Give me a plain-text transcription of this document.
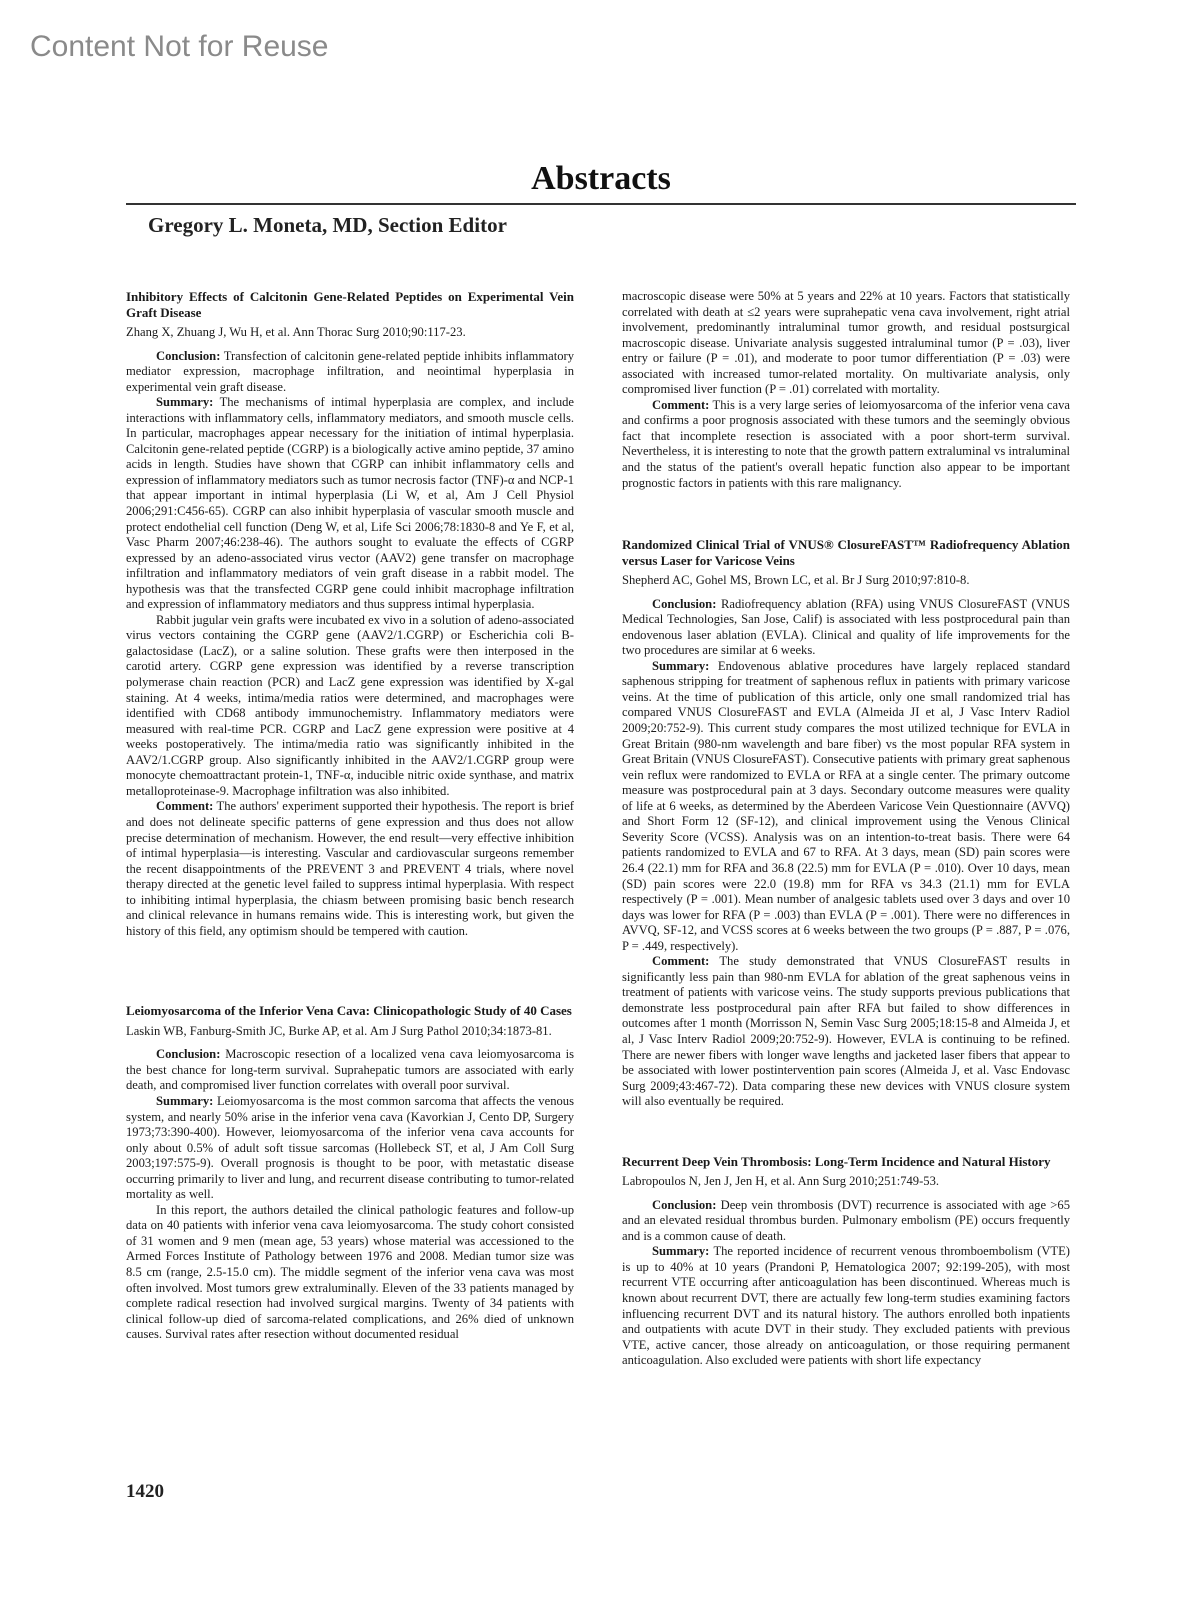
Content Not for Reuse
Abstracts
Gregory L. Moneta, MD, Section Editor

Inhibitory Effects of Calcitonin Gene-Related Peptides on Experimental Vein Graft Disease

Zhang X, Zhuang J, Wu H, et al. Ann Thorac Surg 2010;90:117-23.

Conclusion: Transfection of calcitonin gene-related peptide inhibits inflammatory mediator expression, macrophage infiltration, and neointimal hyperplasia in experimental vein graft disease.

Summary: The mechanisms of intimal hyperplasia are complex, and include interactions with inflammatory cells, inflammatory mediators, and smooth muscle cells. In particular, macrophages appear necessary for the initiation of intimal hyperplasia. Calcitonin gene-related peptide (CGRP) is a biologically active amino peptide, 37 amino acids in length. Studies have shown that CGRP can inhibit inflammatory cells and expression of inflammatory mediators such as tumor necrosis factor (TNF)-α and NCP-1 that appear important in intimal hyperplasia (Li W, et al, Am J Cell Physiol 2006;291:C456-65). CGRP can also inhibit hyperplasia of vascular smooth muscle and protect endothelial cell function (Deng W, et al, Life Sci 2006;78:1830-8 and Ye F, et al, Vasc Pharm 2007;46:238-46). The authors sought to evaluate the effects of CGRP expressed by an adeno-associated virus vector (AAV2) gene transfer on macrophage infiltration and inflammatory mediators of vein graft disease in a rabbit model. The hypothesis was that the transfected CGRP gene could inhibit macrophage infiltration and expression of inflammatory mediators and thus suppress intimal hyperplasia.

Rabbit jugular vein grafts were incubated ex vivo in a solution of adeno-associated virus vectors containing the CGRP gene (AAV2/1.CGRP) or Escherichia coli B-galactosidase (LacZ), or a saline solution. These grafts were then interposed in the carotid artery. CGRP gene expression was identified by a reverse transcription polymerase chain reaction (PCR) and LacZ gene expression was identified by X-gal staining. At 4 weeks, intima/media ratios were determined, and macrophages were identified with CD68 antibody immunochemistry. Inflammatory mediators were measured with real-time PCR. CGRP and LacZ gene expression were positive at 4 weeks postoperatively. The intima/media ratio was significantly inhibited in the AAV2/1.CGRP group. Also significantly inhibited in the AAV2/1.CGRP group were monocyte chemoattractant protein-1, TNF-α, inducible nitric oxide synthase, and matrix metalloproteinase-9. Macrophage infiltration was also inhibited.

Comment: The authors' experiment supported their hypothesis. The report is brief and does not delineate specific patterns of gene expression and thus does not allow precise determination of mechanism. However, the end result—very effective inhibition of intimal hyperplasia—is interesting. Vascular and cardiovascular surgeons remember the recent disappointments of the PREVENT 3 and PREVENT 4 trials, where novel therapy directed at the genetic level failed to suppress intimal hyperplasia. With respect to inhibiting intimal hyperplasia, the chiasm between promising basic bench research and clinical relevance in humans remains wide. This is interesting work, but given the history of this field, any optimism should be tempered with caution.

Leiomyosarcoma of the Inferior Vena Cava: Clinicopathologic Study of 40 Cases

Laskin WB, Fanburg-Smith JC, Burke AP, et al. Am J Surg Pathol 2010;34:1873-81.

Conclusion: Macroscopic resection of a localized vena cava leiomyosarcoma is the best chance for long-term survival. Suprahepatic tumors are associated with early death, and compromised liver function correlates with overall poor survival.

Summary: Leiomyosarcoma is the most common sarcoma that affects the venous system, and nearly 50% arise in the inferior vena cava (Kavorkian J, Cento DP, Surgery 1973;73:390-400). However, leiomyosarcoma of the inferior vena cava accounts for only about 0.5% of adult soft tissue sarcomas (Hollebeck ST, et al, J Am Coll Surg 2003;197:575-9). Overall prognosis is thought to be poor, with metastatic disease occurring primarily to liver and lung, and recurrent disease contributing to tumor-related mortality as well.

In this report, the authors detailed the clinical pathologic features and follow-up data on 40 patients with inferior vena cava leiomyosarcoma. The study cohort consisted of 31 women and 9 men (mean age, 53 years) whose material was accessioned to the Armed Forces Institute of Pathology between 1976 and 2008. Median tumor size was 8.5 cm (range, 2.5-15.0 cm). The middle segment of the inferior vena cava was most often involved. Most tumors grew extraluminally. Eleven of the 33 patients managed by complete radical resection had involved surgical margins. Twenty of 34 patients with clinical follow-up died of sarcoma-related complications, and 26% died of unknown causes. Survival rates after resection without documented residual

macroscopic disease were 50% at 5 years and 22% at 10 years. Factors that statistically correlated with death at ≤2 years were suprahepatic vena cava involvement, right atrial involvement, predominantly intraluminal tumor growth, and residual postsurgical macroscopic disease. Univariate analysis suggested intraluminal tumor (P = .03), liver entry or failure (P = .01), and moderate to poor tumor differentiation (P = .03) were associated with increased tumor-related mortality. On multivariate analysis, only compromised liver function (P = .01) correlated with mortality.

Comment: This is a very large series of leiomyosarcoma of the inferior vena cava and confirms a poor prognosis associated with these tumors and the seemingly obvious fact that incomplete resection is associated with a poor short-term survival. Nevertheless, it is interesting to note that the growth pattern extraluminal vs intraluminal and the status of the patient's overall hepatic function also appear to be important prognostic factors in patients with this rare malignancy.

Randomized Clinical Trial of VNUS® ClosureFAST™ Radiofrequency Ablation versus Laser for Varicose Veins

Shepherd AC, Gohel MS, Brown LC, et al. Br J Surg 2010;97:810-8.

Conclusion: Radiofrequency ablation (RFA) using VNUS ClosureFAST (VNUS Medical Technologies, San Jose, Calif) is associated with less postprocedural pain than endovenous laser ablation (EVLA). Clinical and quality of life improvements for the two procedures are similar at 6 weeks.

Summary: Endovenous ablative procedures have largely replaced standard saphenous stripping for treatment of saphenous reflux in patients with primary varicose veins. At the time of publication of this article, only one small randomized trial has compared VNUS ClosureFAST and EVLA (Almeida JI et al, J Vasc Interv Radiol 2009;20:752-9). This current study compares the most utilized technique for EVLA in Great Britain (980-nm wavelength and bare fiber) vs the most popular RFA system in Great Britain (VNUS ClosureFAST). Consecutive patients with primary great saphenous vein reflux were randomized to EVLA or RFA at a single center. The primary outcome measure was postprocedural pain at 3 days. Secondary outcome measures were quality of life at 6 weeks, as determined by the Aberdeen Varicose Vein Questionnaire (AVVQ) and Short Form 12 (SF-12), and clinical improvement using the Venous Clinical Severity Score (VCSS). Analysis was on an intention-to-treat basis. There were 64 patients randomized to EVLA and 67 to RFA. At 3 days, mean (SD) pain scores were 26.4 (22.1) mm for RFA and 36.8 (22.5) mm for EVLA (P = .010). Over 10 days, mean (SD) pain scores were 22.0 (19.8) mm for RFA vs 34.3 (21.1) mm for EVLA respectively (P = .001). Mean number of analgesic tablets used over 3 days and over 10 days was lower for RFA (P = .003) than EVLA (P = .001). There were no differences in AVVQ, SF-12, and VCSS scores at 6 weeks between the two groups (P = .887, P = .076, P = .449, respectively).

Comment: The study demonstrated that VNUS ClosureFAST results in significantly less pain than 980-nm EVLA for ablation of the great saphenous veins in treatment of patients with varicose veins. The study supports previous publications that demonstrate less postprocedural pain after RFA but failed to show differences in outcomes after 1 month (Morrisson N, Semin Vasc Surg 2005;18:15-8 and Almeida J, et al, J Vasc Interv Radiol 2009;20:752-9). However, EVLA is continuing to be refined. There are newer fibers with longer wave lengths and jacketed laser fibers that appear to be associated with lower postintervention pain scores (Almeida J, et al. Vasc Endovasc Surg 2009;43:467-72). Data comparing these new devices with VNUS closure system will also eventually be required.

Recurrent Deep Vein Thrombosis: Long-Term Incidence and Natural History

Labropoulos N, Jen J, Jen H, et al. Ann Surg 2010;251:749-53.

Conclusion: Deep vein thrombosis (DVT) recurrence is associated with age >65 and an elevated residual thrombus burden. Pulmonary embolism (PE) occurs frequently and is a common cause of death.

Summary: The reported incidence of recurrent venous thromboembolism (VTE) is up to 40% at 10 years (Prandoni P, Hematologica 2007; 92:199-205), with most recurrent VTE occurring after anticoagulation has been discontinued. Whereas much is known about recurrent DVT, there are actually few long-term studies examining factors influencing recurrent DVT and its natural history. The authors enrolled both inpatients and outpatients with acute DVT in their study. They excluded patients with previous VTE, active cancer, those already on anticoagulation, or those requiring permanent anticoagulation. Also excluded were patients with short life expectancy

1420
